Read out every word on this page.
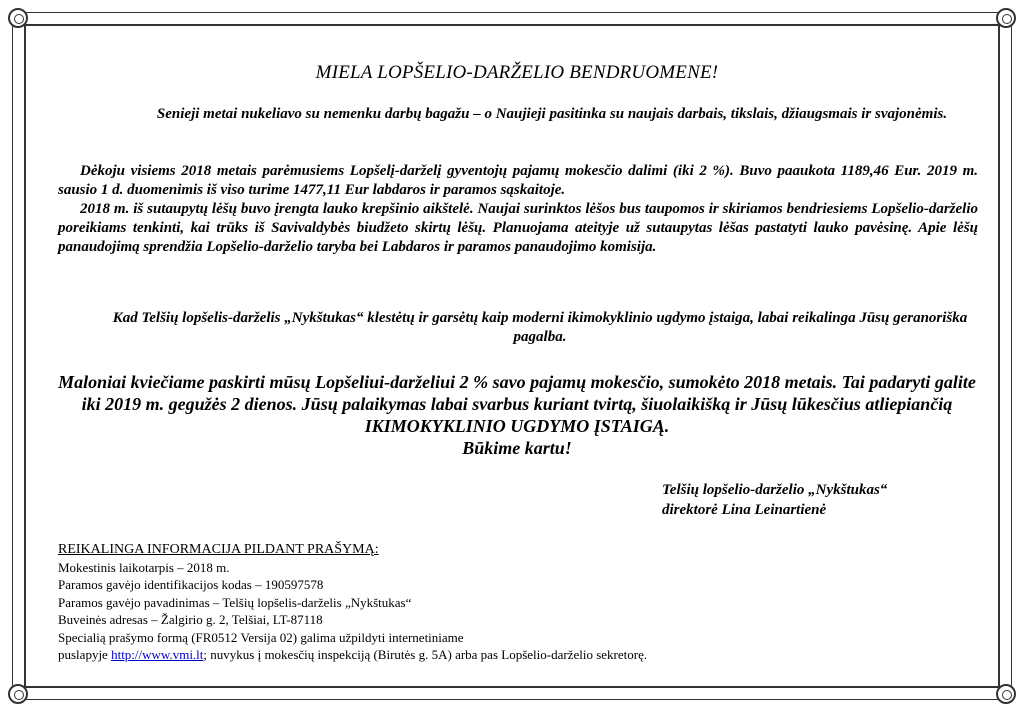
MIELA LOPŠELIO-DARŽELIO BENDRUOMENE!
Senieji metai nukeliavo su nemenku darbų bagažu – o Naujieji pasitinka su naujais darbais, tikslais, džiaugsmais ir svajonėmis.
Dėkoju visiems 2018 metais parėmusiems Lopšelį-darželį gyventojų pajamų mokesčio dalimi (iki 2 %). Buvo paaukota 1189,46 Eur. 2019 m. sausio 1 d. duomenimis iš viso turime 1477,11 Eur labdaros ir paramos sąskaitoje.
2018 m. iš sutaupytų lėšų buvo įrengta lauko krepšinio aikštelė. Naujai surinktos lėšos bus taupomos ir skiriamos bendriesiems Lopšelio-darželio poreikiams tenkinti, kai trūks iš Savivaldybės biudžeto skirtų lėšų. Planuojama ateityje už sutaupytas lėšas pastatyti lauko pavėsinę. Apie lėšų panaudojimą sprendžia Lopšelio-darželio taryba bei Labdaros ir paramos panaudojimo komisija.
Kad Telšių lopšelis-darželis „Nykštukas“ klestėtų ir garsėtų kaip moderni ikimokyklinio ugdymo įstaiga, labai reikalinga Jūsų geranoriška pagalba.
Maloniai kviečiame paskirti mūsų Lopšeliui-darželiui 2 % savo pajamų mokesčio, sumokėto 2018 metais. Tai padaryti galite iki 2019 m. gegužės 2 dienos. Jūsų palaikymas labai svarbus kuriant tvirtą, šiuolaikišką ir Jūsų lūkesčius atliepiančią IKIMOKYKLINIO UGDYMO ĮSTAIGĄ.
Būkime kartu!
Telšių lopšelio-darželio „Nykštukas“
direktorė Lina Leinartienė
REIKALINGA INFORMACIJA PILDANT PRAŠYMĄ:
Mokestinis laikotarpis – 2018 m.
Paramos gavėjo identifikacijos kodas – 190597578
Paramos gavėjo pavadinimas – Telšių lopšelis-darželis „Nykštukas“
Buveinės adresas – Žalgirio g. 2, Telšiai, LT-87118
Specialią prašymo formą (FR0512 Versija 02) galima užpildyti internetiniame
puslapyje http://www.vmi.lt; nuvykus į mokesčių inspekciją (Birutės g. 5A) arba pas Lopšelio-darželio sekretorę.
